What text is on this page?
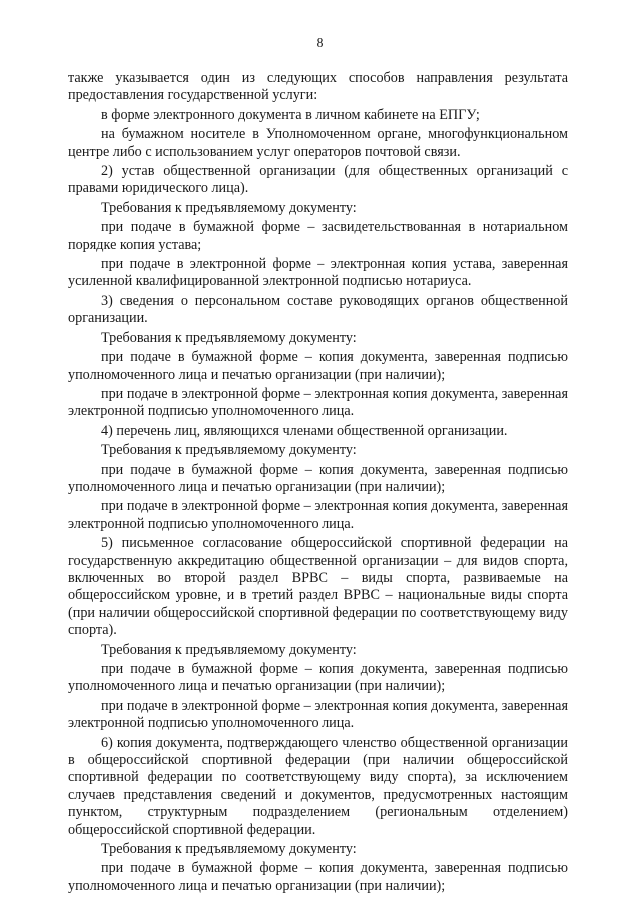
8

также указывается один из следующих способов направления результата предоставления государственной услуги:

в форме электронного документа в личном кабинете на ЕПГУ;

на бумажном носителе в Уполномоченном органе, многофункциональном центре либо с использованием услуг операторов почтовой связи.

2) устав общественной организации (для общественных организаций с правами юридического лица).

Требования к предъявляемому документу:

при подаче в бумажной форме – засвидетельствованная в нотариальном порядке копия устава;

при подаче в электронной форме – электронная копия устава, заверенная усиленной квалифицированной электронной подписью нотариуса.

3) сведения о персональном составе руководящих органов общественной организации.

Требования к предъявляемому документу:

при подаче в бумажной форме – копия документа, заверенная подписью уполномоченного лица и печатью организации (при наличии);

при подаче в электронной форме – электронная копия документа, заверенная электронной подписью уполномоченного лица.

4) перечень лиц, являющихся членами общественной организации.

Требования к предъявляемому документу:

при подаче в бумажной форме – копия документа, заверенная подписью уполномоченного лица и печатью организации (при наличии);

при подаче в электронной форме – электронная копия документа, заверенная электронной подписью уполномоченного лица.

5) письменное согласование общероссийской спортивной федерации на государственную аккредитацию общественной организации – для видов спорта, включенных во второй раздел ВРВС – виды спорта, развиваемые на общероссийском уровне, и в третий раздел ВРВС – национальные виды спорта (при наличии общероссийской спортивной федерации по соответствующему виду спорта).

Требования к предъявляемому документу:

при подаче в бумажной форме – копия документа, заверенная подписью уполномоченного лица и печатью организации (при наличии);

при подаче в электронной форме – электронная копия документа, заверенная электронной подписью уполномоченного лица.

6) копия документа, подтверждающего членство общественной организации в общероссийской спортивной федерации (при наличии общероссийской спортивной федерации по соответствующему виду спорта), за исключением случаев представления сведений и документов, предусмотренных настоящим пунктом, структурным подразделением (региональным отделением) общероссийской спортивной федерации.

Требования к предъявляемому документу:

при подаче в бумажной форме – копия документа, заверенная подписью уполномоченного лица и печатью организации (при наличии);
